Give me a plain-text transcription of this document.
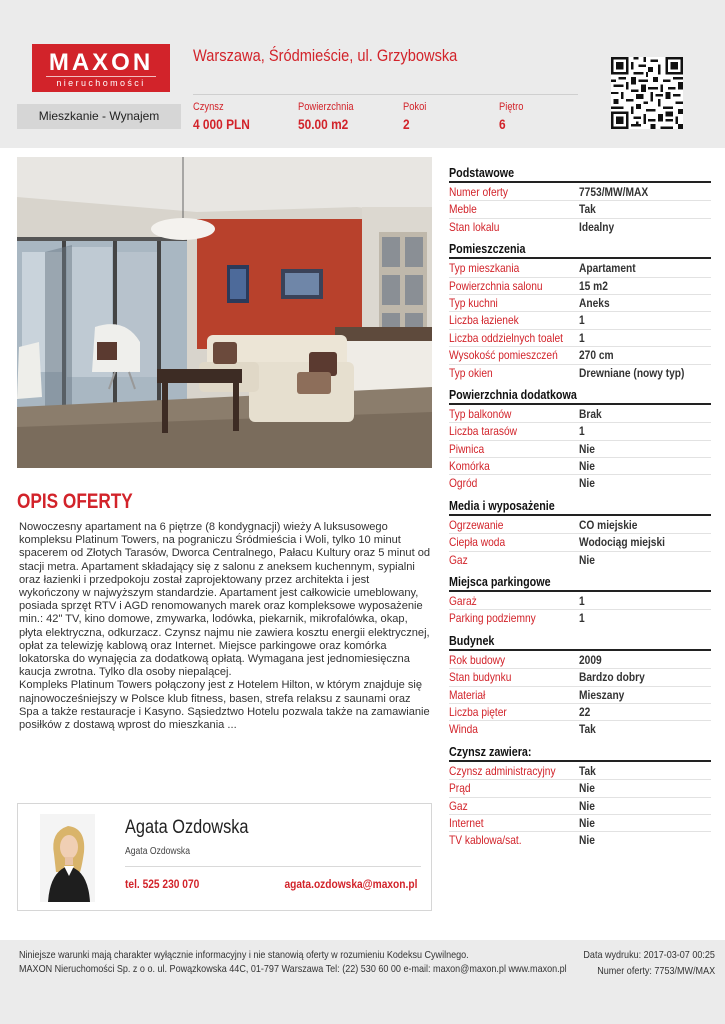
MAXON
nieruchomości
Warszawa, Śródmieście, ul. Grzybowska
Mieszkanie - Wynajem
Czynsz
4 000 PLN
Powierzchnia
50.00 m2
Pokoi
2
Piętro
6
OPIS OFERTY

Nowoczesny apartament na 6 piętrze (8 kondygnacji) wieży A luksusowego kompleksu Platinum Towers, na pograniczu Śródmieścia i Woli, tylko 10 minut spacerem od Złotych Tarasów, Dworca Centralnego, Pałacu Kultury oraz 5 minut od stacji metra. Apartament składający się z salonu z aneksem kuchennym, sypialni oraz łazienki i przedpokoju został zaprojektowany przez architekta i jest wykończony w najwyższym standardzie. Apartament jest całkowicie umeblowany, posiada sprzęt RTV i AGD renomowanych marek oraz kompleksowe wyposażenie min.: 42" TV, kino domowe, zmywarka, lodówka, piekarnik, mikrofalówka, okap, płyta elektryczna, odkurzacz. Czynsz najmu nie zawiera kosztu energii elektrycznej, opłat za telewizję kablową oraz Internet. Miejsce parkingowe oraz komórka lokatorska do wynajęcia za dodatkową opłatą. Wymagana jest jednomiesięczna kaucja zwrotna. Tylko dla osoby niepalącej.

Kompleks Platinum Towers połączony jest z Hotelem Hilton, w którym znajduje się najnowocześniejszy w Polsce klub fitness, basen, strefa relaksu z saunami oraz Spa a także restauracje i Kasyno. Sąsiedztwo Hotelu pozwala także na zamawianie posiłków z dostawą wprost do mieszkania ...

Agata Ozdowska
Agata Ozdowska
tel. 525 230 070	agata.ozdowska@maxon.pl
Podstawowe
Numer oferty	7753/MW/MAX
Meble	Tak
Stan lokalu	Idealny
Pomieszczenia
Typ mieszkania	Apartament
Powierzchnia salonu	15 m2
Typ kuchni	Aneks
Liczba łazienek	1
Liczba oddzielnych toalet 1
Wysokość pomieszczeń 270 cm
Typ okien	Drewniane (nowy typ)
Powierzchnia dodatkowa
Typ balkonów	Brak
Liczba tarasów	1
Piwnica	Nie
Komórka	Nie
Ogród	Nie
Media i wyposażenie
Ogrzewanie	CO miejskie
Ciepła woda	Wodociąg miejski
Gaz	Nie
Miejsca parkingowe
Garaż	1
Parking podziemny	1
Budynek
Rok budowy	2009
Stan budynku	Bardzo dobry
Materiał	Mieszany
Liczba pięter	22
Winda	Tak
Czynsz zawiera:
Czynsz administracyjny Tak
Prąd	Nie
Gaz	Nie
Internet	Nie
TV kablowa/sat.	Nie
Niniejsze warunki mają charakter wyłącznie informacyjny i nie stanowią oferty w rozumieniu Kodeksu Cywilnego.
MAXON Nieruchomości Sp. z o o. ul. Powązkowska 44C, 01-797 Warszawa Tel: (22) 530 60 00 e-mail: maxon@maxon.pl www.maxon.pl
Data wydruku: 2017-03-07 00:25
Numer oferty: 7753/MW/MAX
